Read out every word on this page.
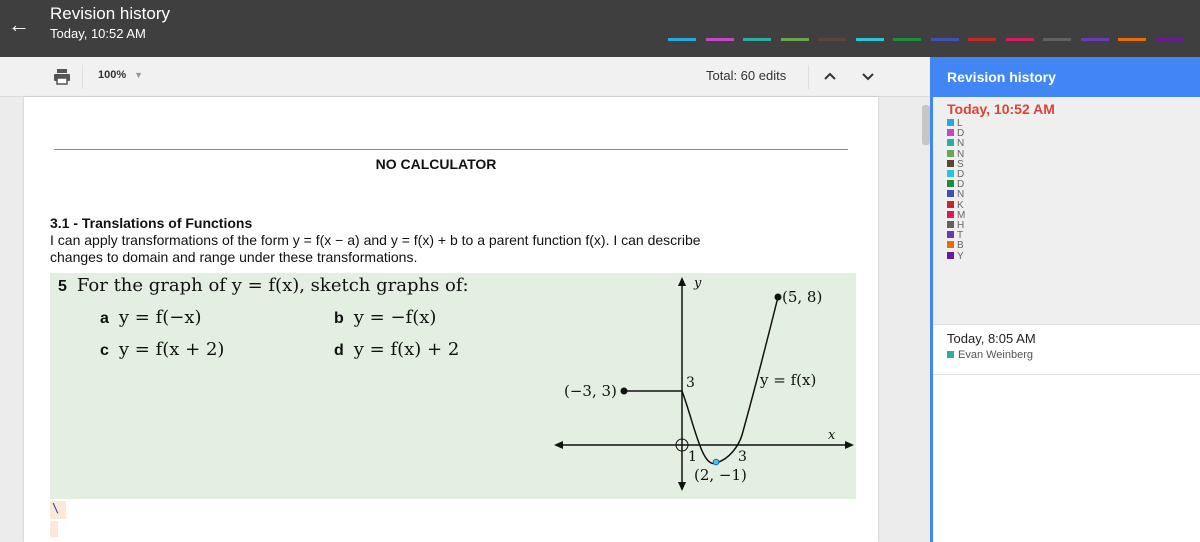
← Revision history
Today, 10:52 AM
100% ▼	Total: 60 edits
NO CALCULATOR
3.1 - Translations of Functions
I can apply transformations of the form y = f(x − a) and y = f(x) + b to a parent function f(x). I can describe changes to domain and range under these transformations.
5 For the graph of y = f(x), sketch graphs of:
a y = f(−x)	b y = −f(x)
c y = f(x + 2)	d y = f(x) + 2
y
x
(−3, 3)
(5, 8)
3
1	3
(2, −1)
y = f(x)
\
Revision history
Today, 10:52 AM
L
D
N
N
S
D
D
N
K
M
H
T
B
Y
Today, 8:05 AM
Evan Weinberg
